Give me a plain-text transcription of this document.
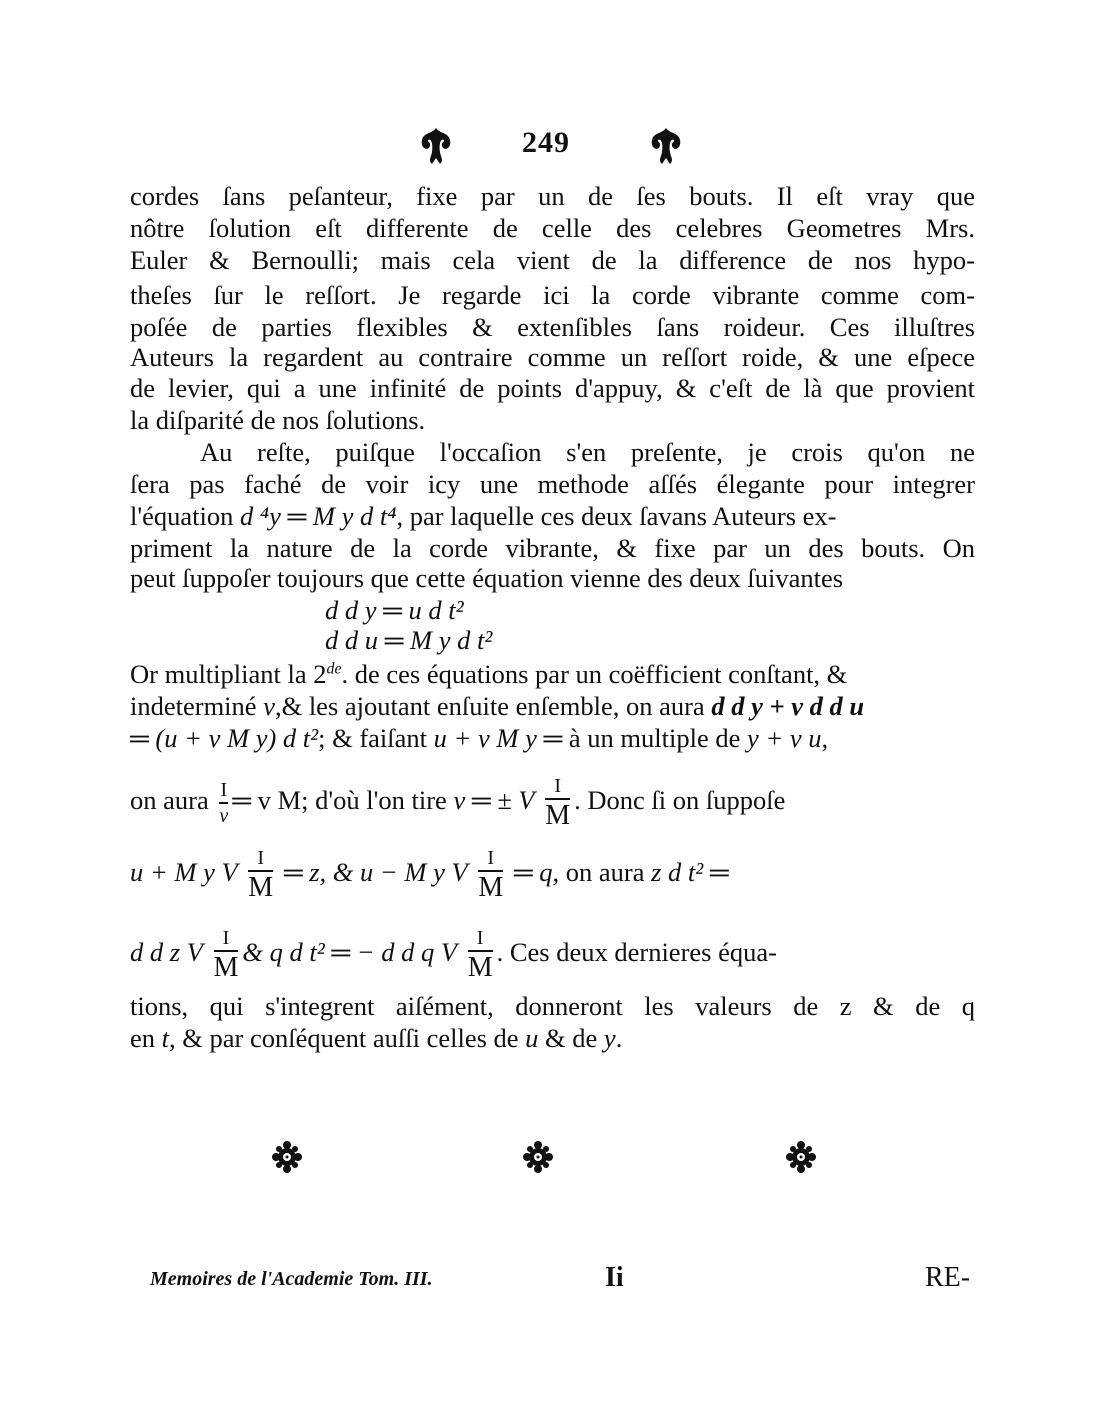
249
cordes ſans peſanteur, fixe par un de ſes bouts. Il eſt vray que
nôtre ſolution eſt differente de celle des celebres Geometres Mrs.
Euler & Bernoulli; mais cela vient de la difference de nos hypo-
theſes ſur le reſſort. Je regarde ici la corde vibrante comme com-
poſée de parties flexibles & extenſibles ſans roideur. Ces illuſtres
Auteurs la regardent au contraire comme un reſſort roide, & une eſpece
de levier, qui a une infinité de points d'appuy, & c'eſt de là que provient
la diſparité de nos ſolutions.
Au reſte, puiſque l'occaſion s'en preſente, je crois qu'on ne
ſera pas faché de voir icy une methode aſſés élegante pour integrer
l'équation d ⁴y ═ M y d t⁴, par laquelle ces deux ſavans Auteurs ex-
priment la nature de la corde vibrante, & fixe par un des bouts. On
peut ſuppoſer toujours que cette équation vienne des deux ſuivantes
d d y ═ u d t²
d d u ═ M y d t²
Or multipliant la 2de. de ces équations par un coëfficient conſtant, &
indeterminé v,& les ajoutant enſuite enſemble, on aura d d y + v d d u
═ (u + v M y) d t²; & faiſant u + v M y ═ à un multiple de y + v u,
on aura $\frac{I}{v}$ ═ v M; d'où l'on tire v ═ ± V $\frac{I}{M}$ . Donc ſi on ſuppoſe
u + M y V $\frac{I}{M}$ ═ z, & u − M y V $\frac{I}{M}$ ═ q, on aura z d t² ═
d d z V $\frac{I}{M}$ & q d t² ═ − d d q V $\frac{I}{M}$ . Ces deux dernieres équa-
tions, qui s'integrent aiſément, donneront les valeurs de z & de q
en t, & par conſéquent auſſi celles de u & de y.
Memoires de l'Academie Tom. III.	Ii	RE-
